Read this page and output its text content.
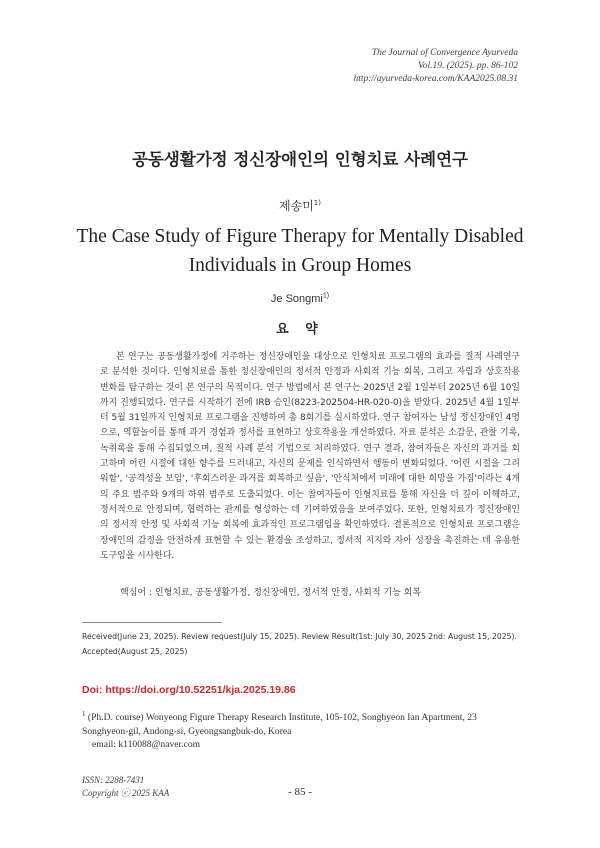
The Journal of Convergence Ayurveda
Vol.19. (2025). pp. 86-102
http://ayurveda-korea.com/KAA2025.08.31
공동생활가정 정신장애인의 인형치료 사례연구
제송미$^{1)}$
The Case Study of Figure Therapy for Mentally Disabled
Individuals in Group Homes
Je Songmi$^{1)}$
요 약

본 연구는 공동생활가정에 거주하는 정신장애인을 대상으로 인형치료 프로그램의 효과를 질적 사례연구로 분석한 것이다. 인형치료를 통한 정신장애인의 정서적 안정과 사회적 기능 회복, 그리고 자립과 상호작용 변화를 탐구하는 것이 본 연구의 목적이다. 연구 방법에서 본 연구는 2025년 2월 1일부터 2025년 6월 10일까지 진행되었다. 연구를 시작하기 전에 IRB 승인(8223-202504-HR-020-0)을 받았다. 2025년 4월 1일부터 5월 31일까지 인형치료 프로그램을 진행하여 총 8회기를 실시하였다. 연구 참여자는 남성 정신장애인 4명으로, 역할놀이를 통해 과거 경험과 정서를 표현하고 상호작용을 개선하였다. 자료 분석은 소감문, 관찰 기록, 녹취록을 통해 수집되었으며, 질적 사례 분석 기법으로 처리하였다. 연구 결과, 참여자들은 자신의 과거를 회고하며 어린 시절에 대한 향수를 드러내고, 자신의 문제를 인식하면서 행동이 변화되었다. '어린 시절을 그리워함', '공격성을 보임', '후회스러운 과거를 회복하고 싶음', '안식처에서 미래에 대한 희망을 가짐'이라는 4개의 주요 범주와 9개의 하위 범주로 도출되었다. 이는 참여자들이 인형치료를 통해 자신을 더 깊이 이해하고, 정서적으로 안정되며, 협력하는 관계를 형성하는 데 기여하였음을 보여주었다. 또한, 인형치료가 정신장애인의 정서적 안정 및 사회적 기능 회복에 효과적인 프로그램임을 확인하였다. 결론적으로 인형치료 프로그램은 장애인의 감정을 안전하게 표현할 수 있는 환경을 조성하고, 정서적 지지와 자아 성장을 촉진하는 데 유용한 도구임을 시사한다.

핵심어 : 인형치료, 공동생활가정, 정신장애인, 정서적 안정, 사회적 기능 회복
Received(June 23, 2025). Review request(July 15, 2025). Review Result(1st: July 30, 2025 2nd: August 15, 2025).
Accepted(August 25, 2025)
Doi: https://doi.org/10.52251/kja.2025.19.86
$^1$ (Ph.D. course) Wonyeong Figure Therapy Research Institute, 105-102, Songhyeon Ian Apartment, 23
Songhyeon-gil, Andong-si, Gyeongsangbuk-do, Korea
email: k110088@naver.com
ISSN: 2288-7431
Copyright ⓒ 2025 KAA	- 85 -
